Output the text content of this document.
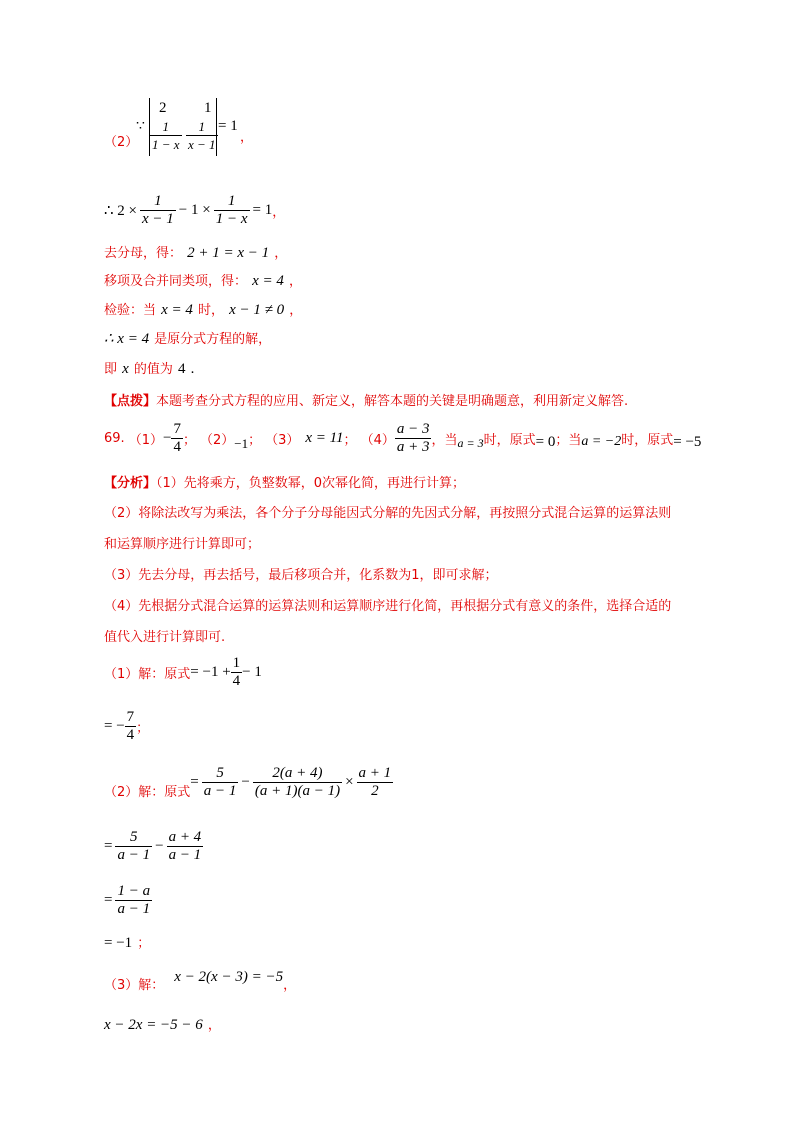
（2）
∵
2	1
$\frac{1}{1 - x} \frac{1}{x - 1} = 1$
，
∴ $2 \times \frac{1}{x - 1} - 1 \times \frac{1}{1 - x} = 1$ ，
去分母，得： 2 + 1 = x − 1 ，
移项及合并同类项，得： x = 4 ，
检验：当 x = 4 时， x − 1 ≠ 0 ，
∴ x = 4 是原分式方程的解，
即 x 的值为 4 .
【点拨】本题考查分式方程的应用、新定义，解答本题的关键是明确题意，利用新定义解答.
69. $(1) - \frac{7}{4}$ ； （2） −1 ； （3） x = 11 ； $(4) \frac{a - 3}{a + 3}$ ，当 a = 3 时，原式 = 0 ；当 a = −2 时，原式 = −5
【分析】（1）先将乘方，负整数幂，0次幂化简，再进行计算；
（2）将除法改写为乘法，各个分子分母能因式分解的先因式分解，再按照分式混合运算的运算法则
和运算顺序进行计算即可；
（3）先去分母，再去括号，最后移项合并，化系数为1，即可求解；
（4）先根据分式混合运算的运算法则和运算顺序进行化简，再根据分式有意义的条件，选择合适的
值代入进行计算即可.
（1）解：原式 = $-1 + \frac{1}{4} - 1$
= − $\frac{7}{4}$ ；
（2）解：原式
= $\frac{5}{a - 1} - \frac{2(a + 4)}{(a + 1)(a - 1)} \times \frac{a + 1}{2}$
= $\frac{5}{a - 1} - \frac{a + 4}{a - 1}$
= $\frac{1 - a}{a - 1}$
= −1 ；
（3）解：
x − 2(x − 3) = −5
，
x − 2x = −5 − 6 ，
